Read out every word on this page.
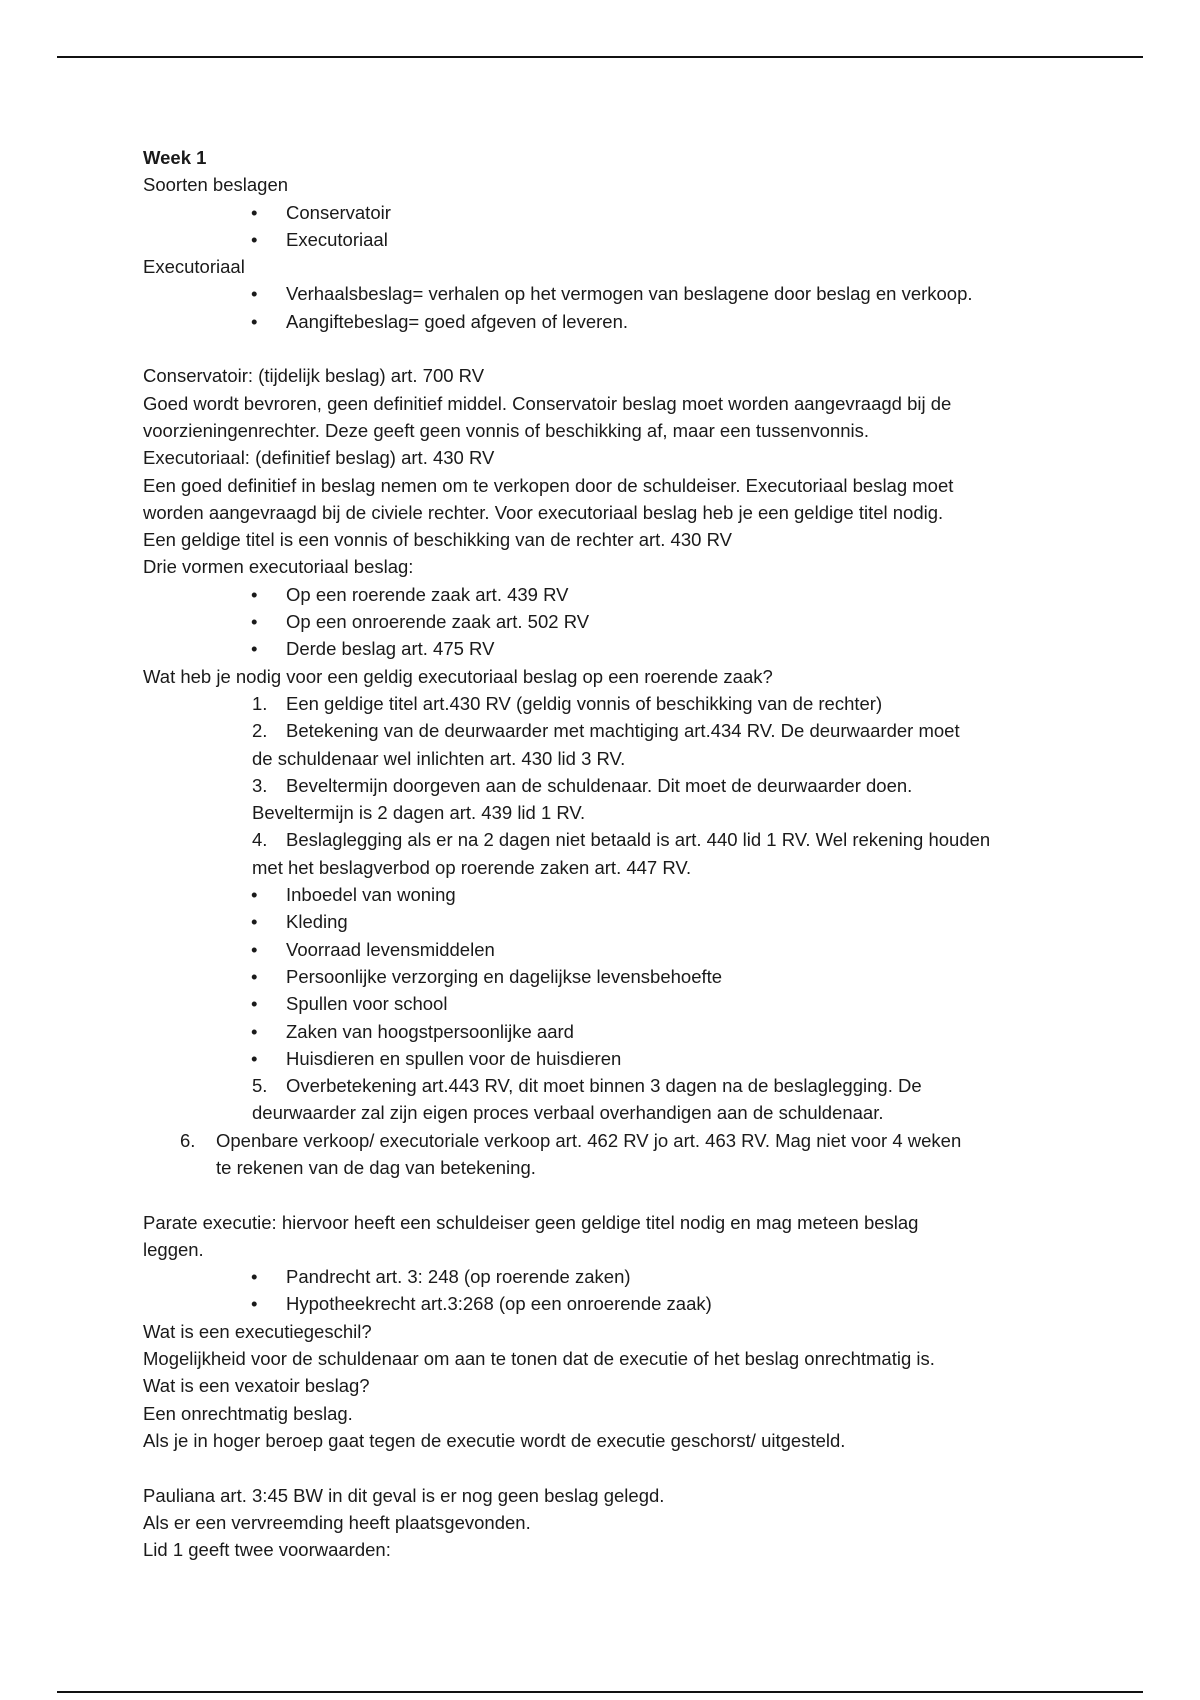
Week 1
Soorten beslagen
• Conservatoir
• Executoriaal
Executoriaal
• Verhaalsbeslag= verhalen op het vermogen van beslagene door beslag en verkoop.
• Aangiftebeslag= goed afgeven of leveren.
Conservatoir: (tijdelijk beslag) art. 700 RV
Goed wordt bevroren, geen definitief middel. Conservatoir beslag moet worden aangevraagd bij de
voorzieningenrechter. Deze geeft geen vonnis of beschikking af, maar een tussenvonnis.
Executoriaal: (definitief beslag) art. 430 RV
Een goed definitief in beslag nemen om te verkopen door de schuldeiser. Executoriaal beslag moet
worden aangevraagd bij de civiele rechter. Voor executoriaal beslag heb je een geldige titel nodig.
Een geldige titel is een vonnis of beschikking van de rechter art. 430 RV
Drie vormen executoriaal beslag:
• Op een roerende zaak art. 439 RV
• Op een onroerende zaak art. 502 RV
• Derde beslag art. 475 RV
Wat heb je nodig voor een geldig executoriaal beslag op een roerende zaak?
1. Een geldige titel art.430 RV (geldig vonnis of beschikking van de rechter)
2. Betekening van de deurwaarder met machtiging art.434 RV. De deurwaarder moet
de schuldenaar wel inlichten art. 430 lid 3 RV.
3. Beveltermijn doorgeven aan de schuldenaar. Dit moet de deurwaarder doen.
Beveltermijn is 2 dagen art. 439 lid 1 RV.
4. Beslaglegging als er na 2 dagen niet betaald is art. 440 lid 1 RV. Wel rekening houden
met het beslagverbod op roerende zaken art. 447 RV.
• Inboedel van woning
• Kleding
• Voorraad levensmiddelen
• Persoonlijke verzorging en dagelijkse levensbehoefte
• Spullen voor school
• Zaken van hoogstpersoonlijke aard
• Huisdieren en spullen voor de huisdieren
5. Overbetekening art.443 RV, dit moet binnen 3 dagen na de beslaglegging. De
deurwaarder zal zijn eigen proces verbaal overhandigen aan de schuldenaar.
6. Openbare verkoop/ executoriale verkoop art. 462 RV jo art. 463 RV. Mag niet voor 4 weken
te rekenen van de dag van betekening.
Parate executie: hiervoor heeft een schuldeiser geen geldige titel nodig en mag meteen beslag
leggen.
• Pandrecht art. 3: 248 (op roerende zaken)
• Hypotheekrecht art.3:268 (op een onroerende zaak)
Wat is een executiegeschil?
Mogelijkheid voor de schuldenaar om aan te tonen dat de executie of het beslag onrechtmatig is.
Wat is een vexatoir beslag?
Een onrechtmatig beslag.
Als je in hoger beroep gaat tegen de executie wordt de executie geschorst/ uitgesteld.
Pauliana art. 3:45 BW in dit geval is er nog geen beslag gelegd.
Als er een vervreemding heeft plaatsgevonden.
Lid 1 geeft twee voorwaarden:
